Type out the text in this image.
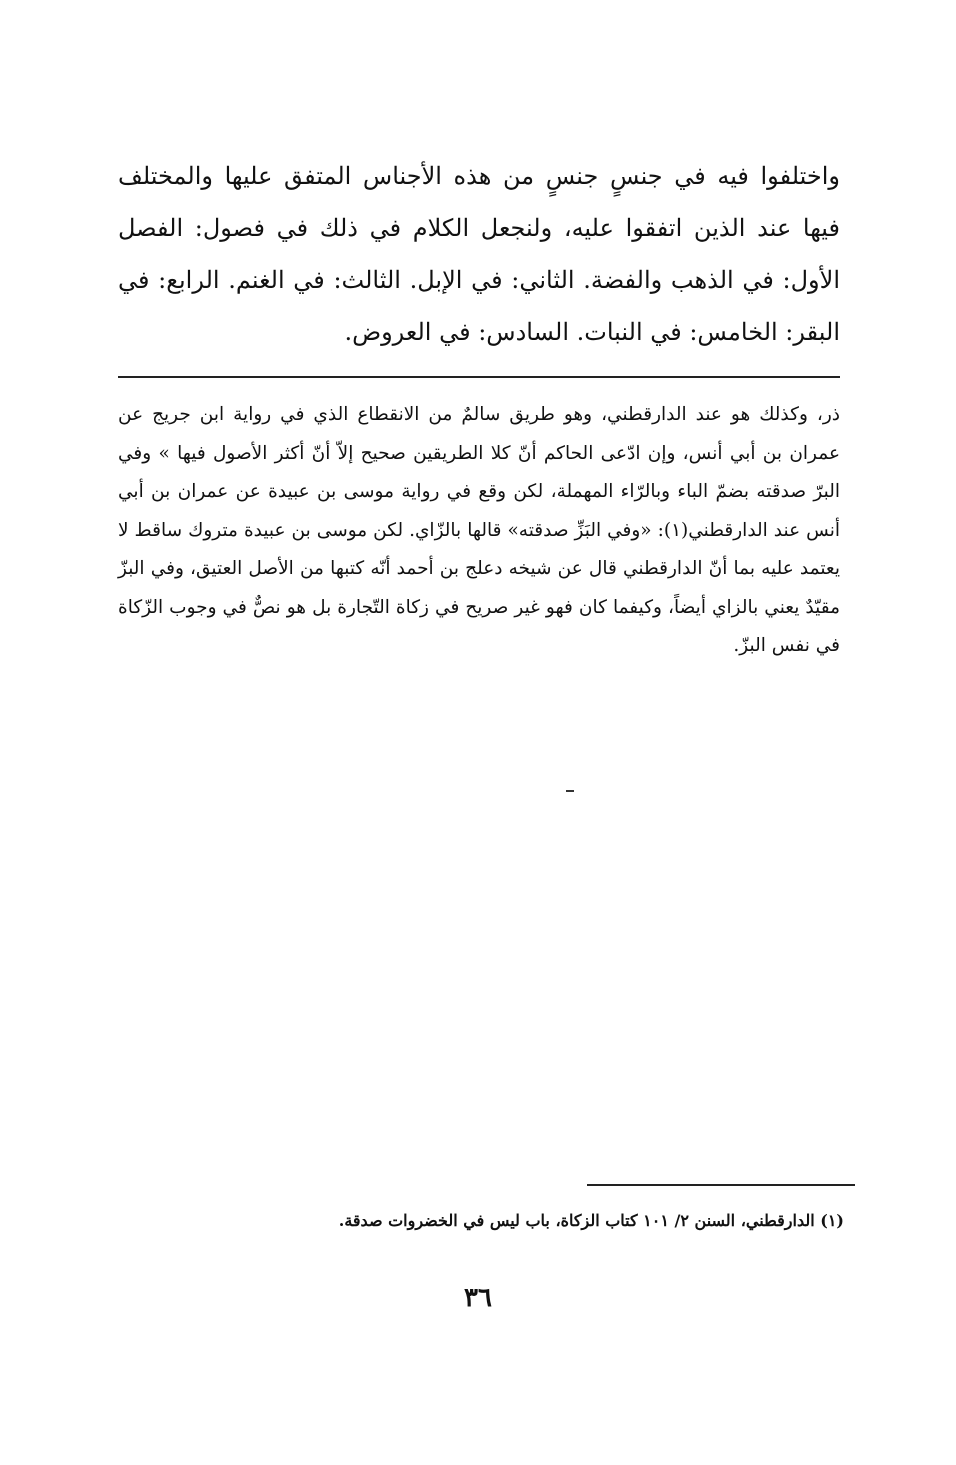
واختلفوا فيه في جنسٍ جنسٍ من هذه الأجناس المتفق عليها والمختلف فيها عند الذين اتفقوا عليه، ولنجعل الكلام في ذلك في فصول: الفصل الأول: في الذهب والفضة. الثاني: في الإبل. الثالث: في الغنم. الرابع: في البقر: الخامس: في النبات. السادس: في العروض.

ذر، وكذلك هو عند الدارقطني، وهو طريق سالمٌ من الانقطاع الذي في رواية ابن جريج عن عمران بن أبي أنس، وإن ادّعى الحاكم أنّ كلا الطريقين صحيح إلاّ أنّ أكثر الأصول فيها » وفي البرّ صدقته بضمّ الباء وبالرّاء المهملة، لكن وقع في رواية موسى بن عبيدة عن عمران بن أبي أنس عند الدارقطني(١): «وفي البَزِّ صدقته» قالها بالزّاي. لكن موسى بن عبيدة متروك ساقط لا يعتمد عليه بما أنّ الدارقطني قال عن شيخه دعلج بن أحمد أنّه كتبها من الأصل العتيق، وفي البزّ مقيّدٌ يعني بالزاي أيضاً، وكيفما كان فهو غير صريح في زكاة التّجارة بل هو نصٌّ في وجوب الزّكاة في نفس البزّ.

(١) الدارقطني، السنن ٢/ ١٠١ كتاب الزكاة، باب ليس في الخضروات صدقة.

٣٦
